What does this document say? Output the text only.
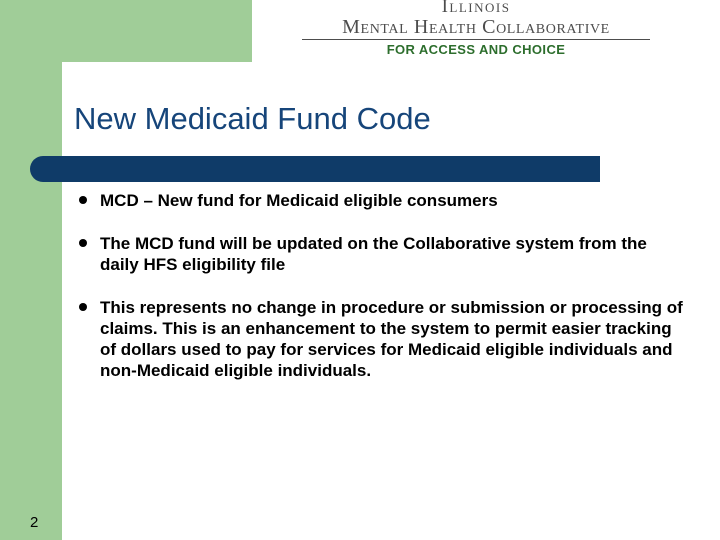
Illinois
Mental Health Collaborative
FOR ACCESS AND CHOICE
New Medicaid Fund Code
MCD – New fund for Medicaid eligible consumers
The MCD fund will be updated on the Collaborative system from the daily HFS eligibility file
This represents no change in procedure or submission or processing of claims. This is an enhancement to the system to permit easier tracking of dollars used to pay for services for Medicaid eligible individuals and non-Medicaid eligible individuals.
2
